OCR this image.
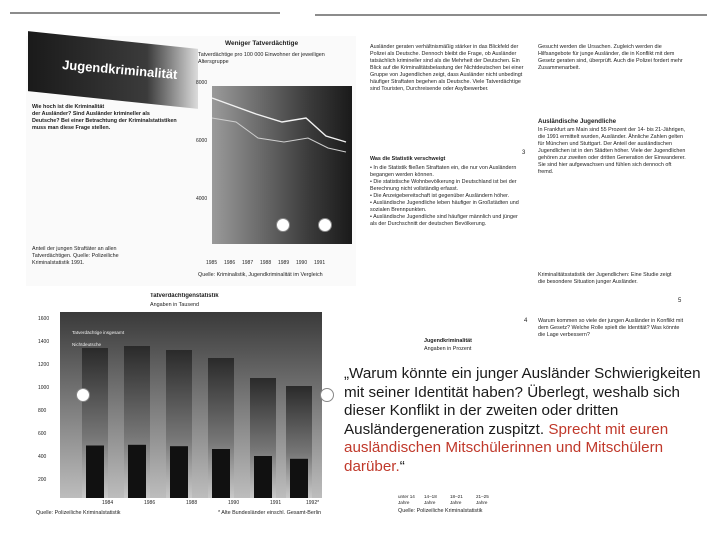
Jugendkriminalität
Wie hoch ist die Kriminalität
der Ausländer? Sind Ausländer krimineller als
Deutsche? Bei einer Betrachtung der Kriminalstatistiken
muss man diese Frage stellen.
Anteil der jungen Straftäter an allen
Tatverdächtigen. Quelle: Polizeiliche
Kriminalstatistik 1991.
Weniger Tatverdächtige
Tatverdächtige pro 100 000 Einwohner der jeweiligen Altersgruppe
8000
6000
4000
1985 1986 1987 1988 1989 1990 1991
Quelle: Kriminalistik, Jugendkriminalität im Vergleich
Tatverdächtigenstatistik
Angaben in Tausend
Tatverdächtige insgesamt
Nichtdeutsche
1600
1400
1200
1000
800
600
400
200
1984	1986	1988	1990	1991	1992*
Quelle: Polizeiliche Kriminalstatistik	* Alte Bundesländer einschl. Gesamt-Berlin
Ausländer geraten verhältnismäßig stärker in das Blickfeld der Polizei als Deutsche. Dennoch bleibt die Frage, ob Ausländer tatsächlich krimineller sind als die Mehrheit der Deutschen. Ein Blick auf die Kriminalitätsbelastung der Nichtdeutschen bei einer Gruppe von Jugendlichen zeigt, dass Ausländer nicht unbedingt häufiger Straftaten begehen als Deutsche. Viele Tatverdächtige sind Touristen, Durchreisende oder Asylbewerber.
3
Was die Statistik verschweigt
• In die Statistik fließen Straftaten ein, die nur von Ausländern begangen werden können.
• Die statistische Wohnbevölkerung in Deutschland ist bei der Berechnung nicht vollständig erfasst.
• Die Anzeigebereitschaft ist gegenüber Ausländern höher.
• Ausländische Jugendliche leben häufiger in Großstädten und sozialen Brennpunkten.
• Ausländische Jugendliche sind häufiger männlich und jünger als der Durchschnitt der deutschen Bevölkerung.
4
Jugendkriminalität
Angaben in Prozent
unter 14 Jahre
14–18 Jahre
18–21 Jahre
21–25 Jahre
Quelle: Polizeiliche Kriminalstatistik
Gesucht werden die Ursachen. Zugleich werden die Hilfsangebote für junge Ausländer, die in Konflikt mit dem Gesetz geraten sind, überprüft. Auch die Polizei fordert mehr Zusammenarbeit.
Ausländische Jugendliche
In Frankfurt am Main sind 55 Prozent der 14- bis 21-Jährigen, die 1991 ermittelt wurden, Ausländer. Ähnliche Zahlen gelten für München und Stuttgart. Der Anteil der ausländischen Jugendlichen ist in den Städten höher. Viele der Jugendlichen gehören zur zweiten oder dritten Generation der Einwanderer. Sie sind hier aufgewachsen und fühlen sich dennoch oft fremd.
Kriminalitätsstatistik der Jugendlichen: Eine Studie zeigt die besondere Situation junger Ausländer.
5
Warum kommen so viele der jungen Ausländer in Konflikt mit dem Gesetz? Welche Rolle spielt die Identität? Was könnte die Lage verbessern?
„Warum könnte ein junger Ausländer Schwierigkeiten mit seiner Identität haben? Überlegt, weshalb sich dieser Konflikt in der zweiten oder dritten Ausländergeneration zuspitzt. Sprecht mit euren ausländischen Mitschülerinnen und Mitschülern darüber.“
